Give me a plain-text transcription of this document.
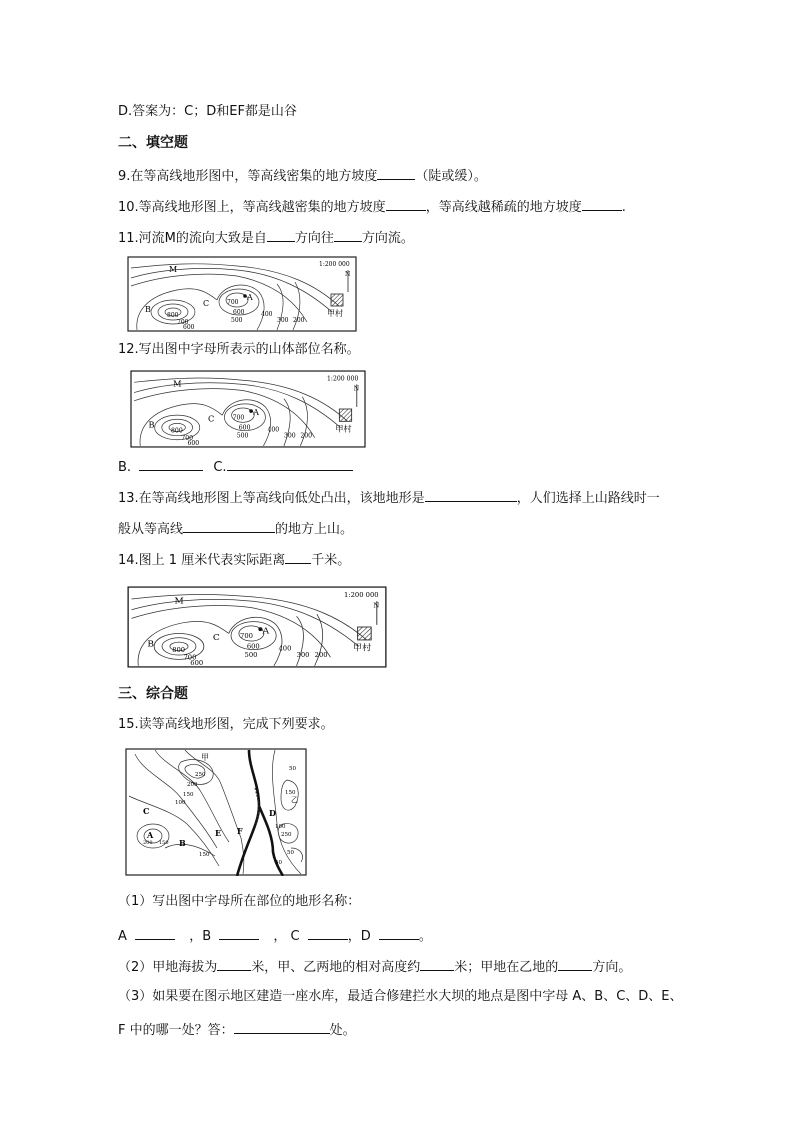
D.答案为：C；D和EF都是山谷
二、填空题
9.在等高线地形图中，等高线密集的地方坡度	（陡或缓）。
10.等高线地形图上，等高线越密集的地方坡度	，等高线越稀疏的地方坡度	.
11.河流M的流向大致是自 方向往 方向流。
1:200 000
N
M
B
C
A
800
700
600
700
600
500
400
300 200
甲村
12.写出图中字母所表示的山体部位名称。
1:200 000
N
M
B
C
A
800
700
600
700
600
500
400
300 200
甲村
B.	C.
13.在等高线地形图上等高线向低处凸出，该地地形是	，人们选择上山路线时一
般从等高线	的地方上山。
14.图上 1 厘米代表实际距离 千米。
1:200 000
N
M
B
C
A
800
700
600
700
600
500
400
300 200
甲村
三、综合题
15.读等高线地形图，完成下列要求。
甲
乙
A
B
C	D
E F
250
200
150
100
200 150
150
50
150
250
50
50
100
（1）写出图中字母所在部位的地形名称：
A	，B	， C	，D	。
（2）甲地海拔为	米，甲、乙两地的相对高度约	米；甲地在乙地的	方向。
（3）如果要在图示地区建造一座水库，最适合修建拦水大坝的地点是图中字母 A、B、C、D、E、
F 中的哪一处？答：	处。
